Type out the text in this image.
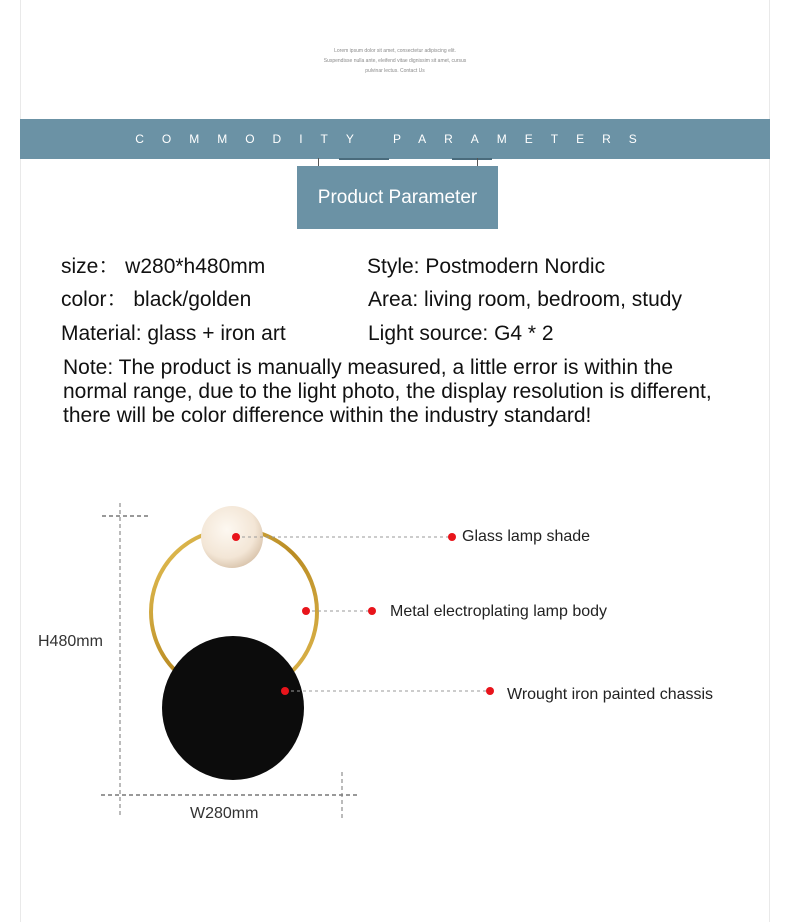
Lorem ipsum dolor sit amet, consectetur adipiscing elit.
Suspendisse nulla ante, eleifend vitae dignissim sit amet, cursus
pulvinar lectus. Contact Us
COMMODITY PARAMETERS
Product Parameter
size： w280*h480mm	Style: Postmodern Nordic
color： black/golden	Area: living room, bedroom, study
Material: glass + iron art	Light source: G4 * 2
Note: The product is manually measured, a little error is within the normal range, due to the light photo, the display resolution is different, there will be color difference within the industry standard!
Glass lamp shade
Metal electroplating lamp body
Wrought iron painted chassis
H480mm
W280mm
